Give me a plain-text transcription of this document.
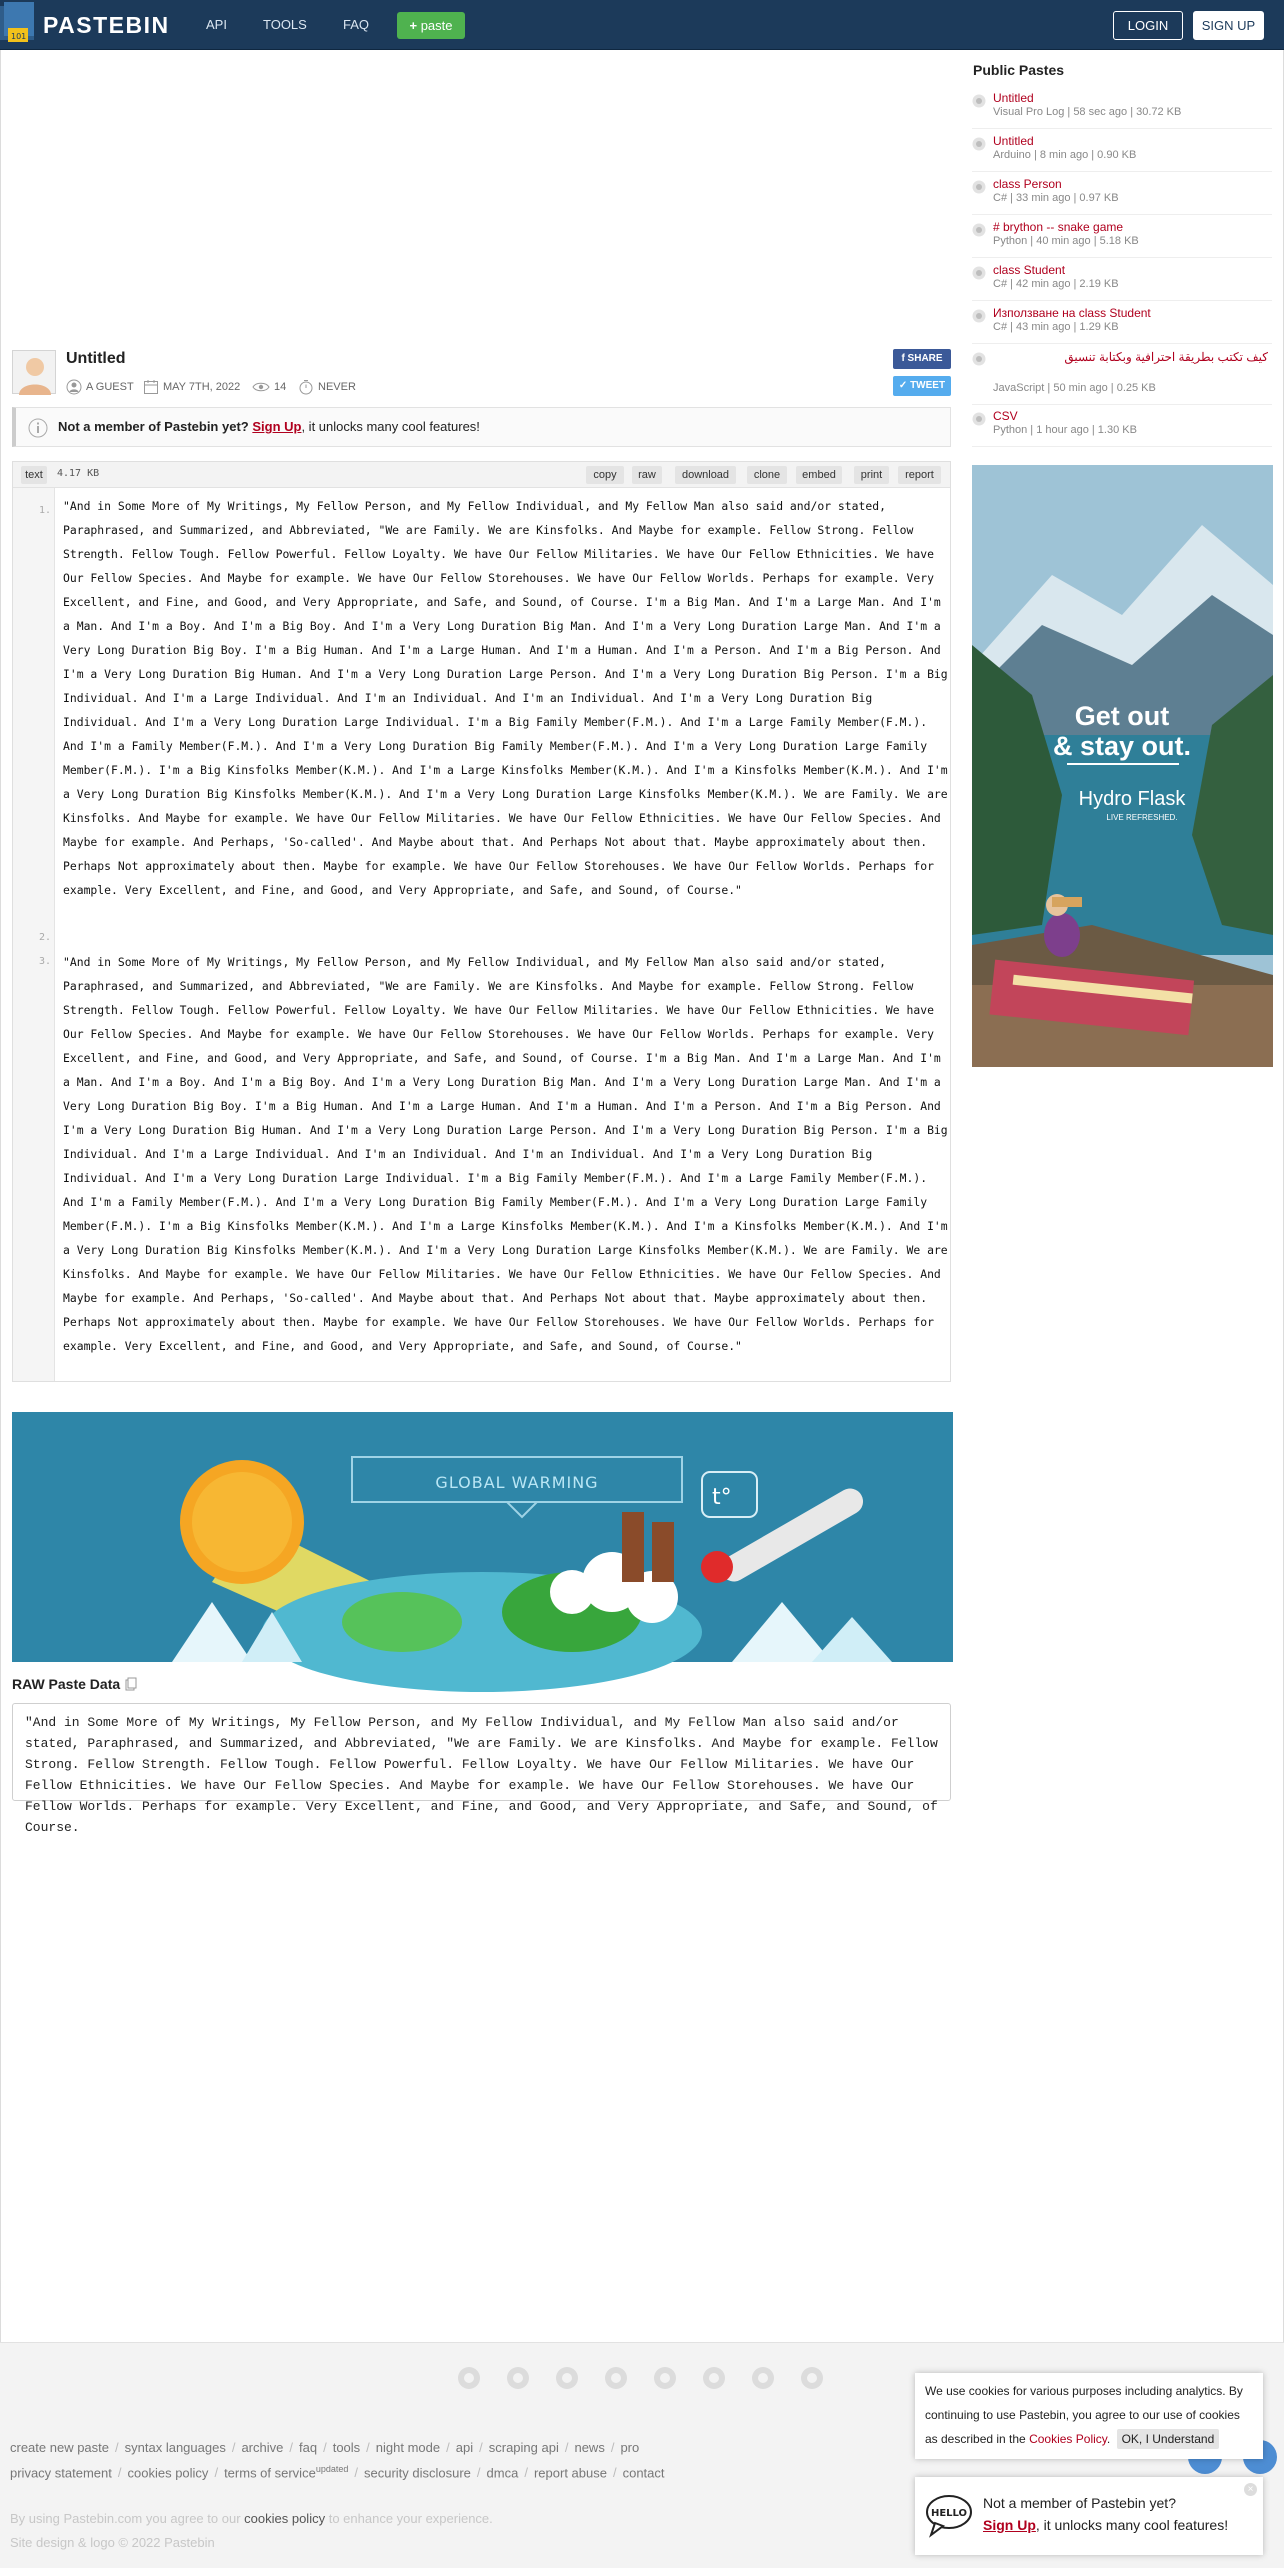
101 PASTEBIN	API	TOOLS	FAQ	+ paste	LOGIN	SIGN UP
Untitled
A GUEST	MAY 7TH, 2022	14	NEVER
f SHARE
✓ TWEET
Not a member of Pastebin yet? Sign Up, it unlocks many cool features!
text	4.17 KB	copy	raw	download	clone	embed	print	report
1.
2.
3.
"And in Some More of My Writings, My Fellow Person, and My Fellow Individual, and My Fellow Man also said and/or stated, Paraphrased, and Summarized, and Abbreviated, "We are Family. We are Kinsfolks. And Maybe for example. Fellow Strong. Fellow Strength. Fellow Tough. Fellow Powerful. Fellow Loyalty. We have Our Fellow Militaries. We have Our Fellow Ethnicities. We have Our Fellow Species. And Maybe for example. We have Our Fellow Storehouses. We have Our Fellow Worlds. Perhaps for example. Very Excellent, and Fine, and Good, and Very Appropriate, and Safe, and Sound, of Course. I'm a Big Man. And I'm a Large Man. And I'm a Man. And I'm a Boy. And I'm a Big Boy. And I'm a Very Long Duration Big Man. And I'm a Very Long Duration Large Man. And I'm a Very Long Duration Big Boy. I'm a Big Human. And I'm a Large Human. And I'm a Human. And I'm a Person. And I'm a Big Person. And I'm a Very Long Duration Big Human. And I'm a Very Long Duration Large Person. And I'm a Very Long Duration Big Person. I'm a Big Individual. And I'm a Large Individual. And I'm an Individual. And I'm an Individual. And I'm a Very Long Duration Big Individual. And I'm a Very Long Duration Large Individual. I'm a Big Family Member(F.M.). And I'm a Large Family Member(F.M.). And I'm a Family Member(F.M.). And I'm a Very Long Duration Big Family Member(F.M.). And I'm a Very Long Duration Large Family Member(F.M.). I'm a Big Kinsfolks Member(K.M.). And I'm a Large Kinsfolks Member(K.M.). And I'm a Kinsfolks Member(K.M.). And I'm a Very Long Duration Big Kinsfolks Member(K.M.). And I'm a Very Long Duration Large Kinsfolks Member(K.M.). We are Family. We are Kinsfolks. And Maybe for example. We have Our Fellow Militaries. We have Our Fellow Ethnicities. We have Our Fellow Species. And Maybe for example. And Perhaps, 'So-called'. And Maybe about that. And Perhaps Not about that. Maybe approximately about then. Perhaps Not approximately about then. Maybe for example. We have Our Fellow Storehouses. We have Our Fellow Worlds. Perhaps for example. Very Excellent, and Fine, and Good, and Very Appropriate, and Safe, and Sound, of Course."
"And in Some More of My Writings, My Fellow Person, and My Fellow Individual, and My Fellow Man also said and/or stated, Paraphrased, and Summarized, and Abbreviated, "We are Family. We are Kinsfolks. And Maybe for example. Fellow Strong. Fellow Strength. Fellow Tough. Fellow Powerful. Fellow Loyalty. We have Our Fellow Militaries. We have Our Fellow Ethnicities. We have Our Fellow Species. And Maybe for example. We have Our Fellow Storehouses. We have Our Fellow Worlds. Perhaps for example. Very Excellent, and Fine, and Good, and Very Appropriate, and Safe, and Sound, of Course. I'm a Big Man. And I'm a Large Man. And I'm a Man. And I'm a Boy. And I'm a Big Boy. And I'm a Very Long Duration Big Man. And I'm a Very Long Duration Large Man. And I'm a Very Long Duration Big Boy. I'm a Big Human. And I'm a Large Human. And I'm a Human. And I'm a Person. And I'm a Big Person. And I'm a Very Long Duration Big Human. And I'm a Very Long Duration Large Person. And I'm a Very Long Duration Big Person. I'm a Big Individual. And I'm a Large Individual. And I'm an Individual. And I'm an Individual. And I'm a Very Long Duration Big Individual. And I'm a Very Long Duration Large Individual. I'm a Big Family Member(F.M.). And I'm a Large Family Member(F.M.). And I'm a Family Member(F.M.). And I'm a Very Long Duration Big Family Member(F.M.). And I'm a Very Long Duration Large Family Member(F.M.). I'm a Big Kinsfolks Member(K.M.). And I'm a Large Kinsfolks Member(K.M.). And I'm a Kinsfolks Member(K.M.). And I'm a Very Long Duration Big Kinsfolks Member(K.M.). And I'm a Very Long Duration Large Kinsfolks Member(K.M.). We are Family. We are Kinsfolks. And Maybe for example. We have Our Fellow Militaries. We have Our Fellow Ethnicities. We have Our Fellow Species. And Maybe for example. And Perhaps, 'So-called'. And Maybe about that. And Perhaps Not about that. Maybe approximately about then. Perhaps Not approximately about then. Maybe for example. We have Our Fellow Storehouses. We have Our Fellow Worlds. Perhaps for example. Very Excellent, and Fine, and Good, and Very Appropriate, and Safe, and Sound, of Course."
GLOBAL WARMING
t°
RAW Paste Data
"And in Some More of My Writings, My Fellow Person, and My Fellow Individual, and My Fellow Man also said and/or stated, Paraphrased, and Summarized, and Abbreviated, "We are Family. We are Kinsfolks. And Maybe for example. Fellow Strong. Fellow Strength. Fellow Tough. Fellow Powerful. Fellow Loyalty. We have Our Fellow Militaries. We have Our Fellow Ethnicities. We have Our Fellow Species. And Maybe for example. We have Our Fellow Storehouses. We have Our Fellow Worlds. Perhaps for example. Very Excellent, and Fine, and Good, and Very Appropriate, and Safe, and Sound, of Course.
Public Pastes
Untitled
Visual Pro Log | 58 sec ago | 30.72 KB
Untitled
Arduino | 8 min ago | 0.90 KB
class Person
C# | 33 min ago | 0.97 KB
# brython -- snake game
Python | 40 min ago | 5.18 KB
class Student
C# | 42 min ago | 2.19 KB
Използване на class Student
C# | 43 min ago | 1.29 KB
كيف تكتب بطريقة احترافية وبكتابة تنسيق
JavaScript | 50 min ago | 0.25 KB
CSV
Python | 1 hour ago | 1.30 KB
Get out
& stay out.
Hydro Flask
LIVE REFRESHED.
create new paste / syntax languages / archive / faq / tools / night mode / api / scraping api / news / pro
privacy statement / cookies policy / terms of service$^{updated}$ / security disclosure / dmca / report abuse / contact
By using Pastebin.com you agree to our cookies policy to enhance your experience.
Site design & logo © 2022 Pastebin
We use cookies for various purposes including analytics. By continuing to use Pastebin, you agree to our use of cookies as described in the Cookies Policy. OK, I Understand
HELLO
Not a member of Pastebin yet?
Sign Up, it unlocks many cool features!
×
